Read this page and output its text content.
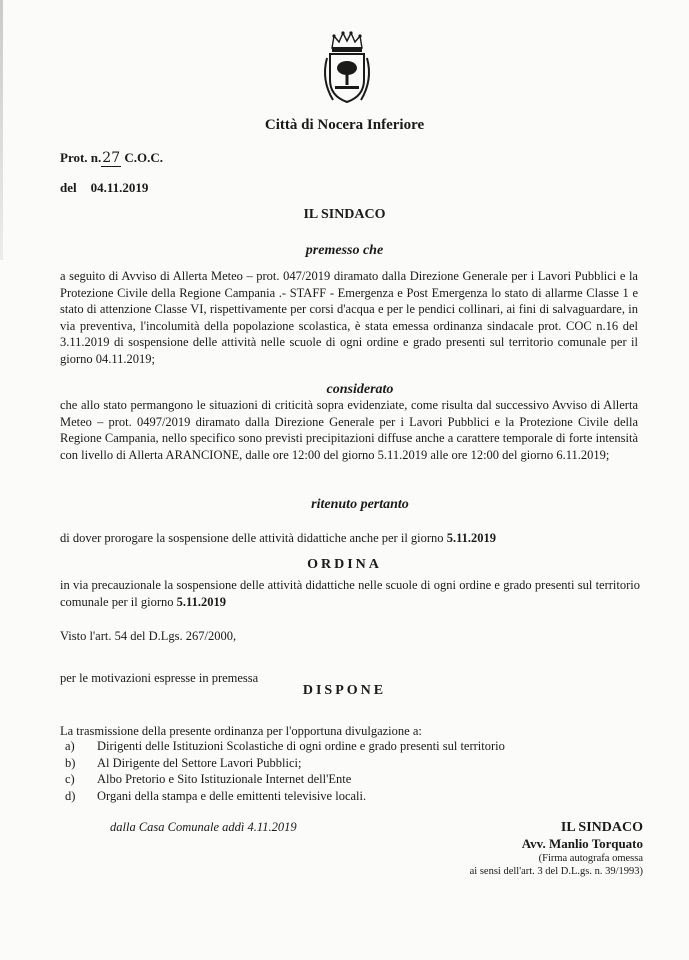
Città di Nocera Inferiore

Prot. n.27 C.O.C.

del 04.11.2019

IL SINDACO

premesso che

a seguito di Avviso di Allerta Meteo – prot. 047/2019 diramato dalla Direzione Generale per i Lavori Pubblici e la Protezione Civile della Regione Campania .- STAFF - Emergenza e Post Emergenza lo stato di allarme Classe 1 e stato di attenzione Classe VI, rispettivamente per corsi d'acqua e per le pendici collinari, ai fini di salvaguardare, in via preventiva, l'incolumità della popolazione scolastica, è stata emessa ordinanza sindacale prot. COC n.16 del 3.11.2019 di sospensione delle attività nelle scuole di ogni ordine e grado presenti sul territorio comunale per il giorno 04.11.2019;

considerato

che allo stato permangono le situazioni di criticità sopra evidenziate, come risulta dal successivo Avviso di Allerta Meteo – prot. 0497/2019 diramato dalla Direzione Generale per i Lavori Pubblici e la Protezione Civile della Regione Campania, nello specifico sono previsti precipitazioni diffuse anche a carattere temporale di forte intensità con livello di Allerta ARANCIONE, dalle ore 12:00 del giorno 5.11.2019 alle ore 12:00 del giorno 6.11.2019;

ritenuto pertanto

di dover prorogare la sospensione delle attività didattiche anche per il giorno 5.11.2019

ORDINA

in via precauzionale la sospensione delle attività didattiche nelle scuole di ogni ordine e grado presenti sul territorio comunale per il giorno 5.11.2019

Visto l'art. 54 del D.Lgs. 267/2000,

per le motivazioni espresse in premessa

DISPONE

La trasmissione della presente ordinanza per l'opportuna divulgazione a:

a)	Dirigenti delle Istituzioni Scolastiche di ogni ordine e grado presenti sul territorio
b)	Al Dirigente del Settore Lavori Pubblici;
c)	Albo Pretorio e Sito Istituzionale Internet dell'Ente
d)	Organi della stampa e delle emittenti televisive locali.

dalla Casa Comunale addì 4.11.2019	IL SINDACO
Avv. Manlio Torquato
(Firma autografa omessa
ai sensi dell'art. 3 del D.L.gs. n. 39/1993)
